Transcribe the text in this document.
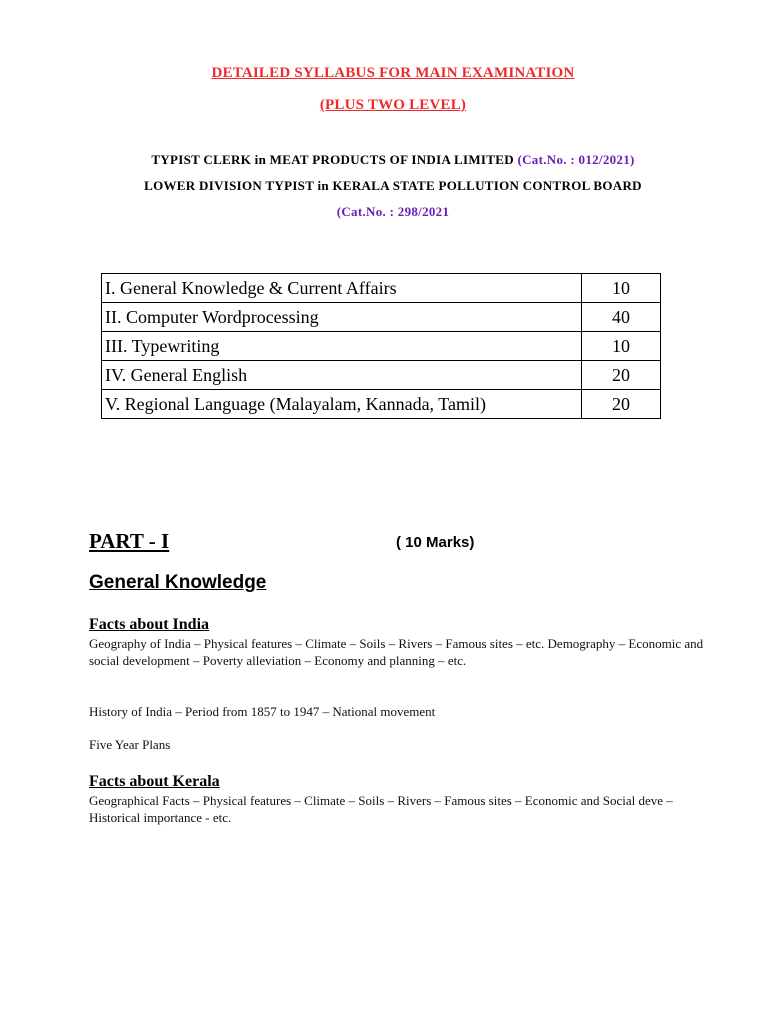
DETAILED SYLLABUS FOR MAIN EXAMINATION
(PLUS TWO LEVEL)
TYPIST CLERK in MEAT PRODUCTS OF INDIA LIMITED (Cat.No. : 012/2021)
LOWER DIVISION TYPIST in KERALA STATE POLLUTION CONTROL BOARD
(Cat.No. : 298/2021
I. General Knowledge & Current Affairs	10
II. Computer Wordprocessing	40
III. Typewriting	10
IV. General English	20
V. Regional Language (Malayalam, Kannada, Tamil)	20
PART - I	( 10 Marks)
General Knowledge
Facts about India
Geography of India – Physical features – Climate – Soils – Rivers – Famous sites – etc. Demography – Economic and social development – Poverty alleviation – Economy and planning – etc.
History of India – Period from 1857 to 1947 – National movement
Five Year Plans
Facts about Kerala
Geographical Facts – Physical features – Climate – Soils – Rivers – Famous sites – Economic and Social deve – Historical importance - etc.
